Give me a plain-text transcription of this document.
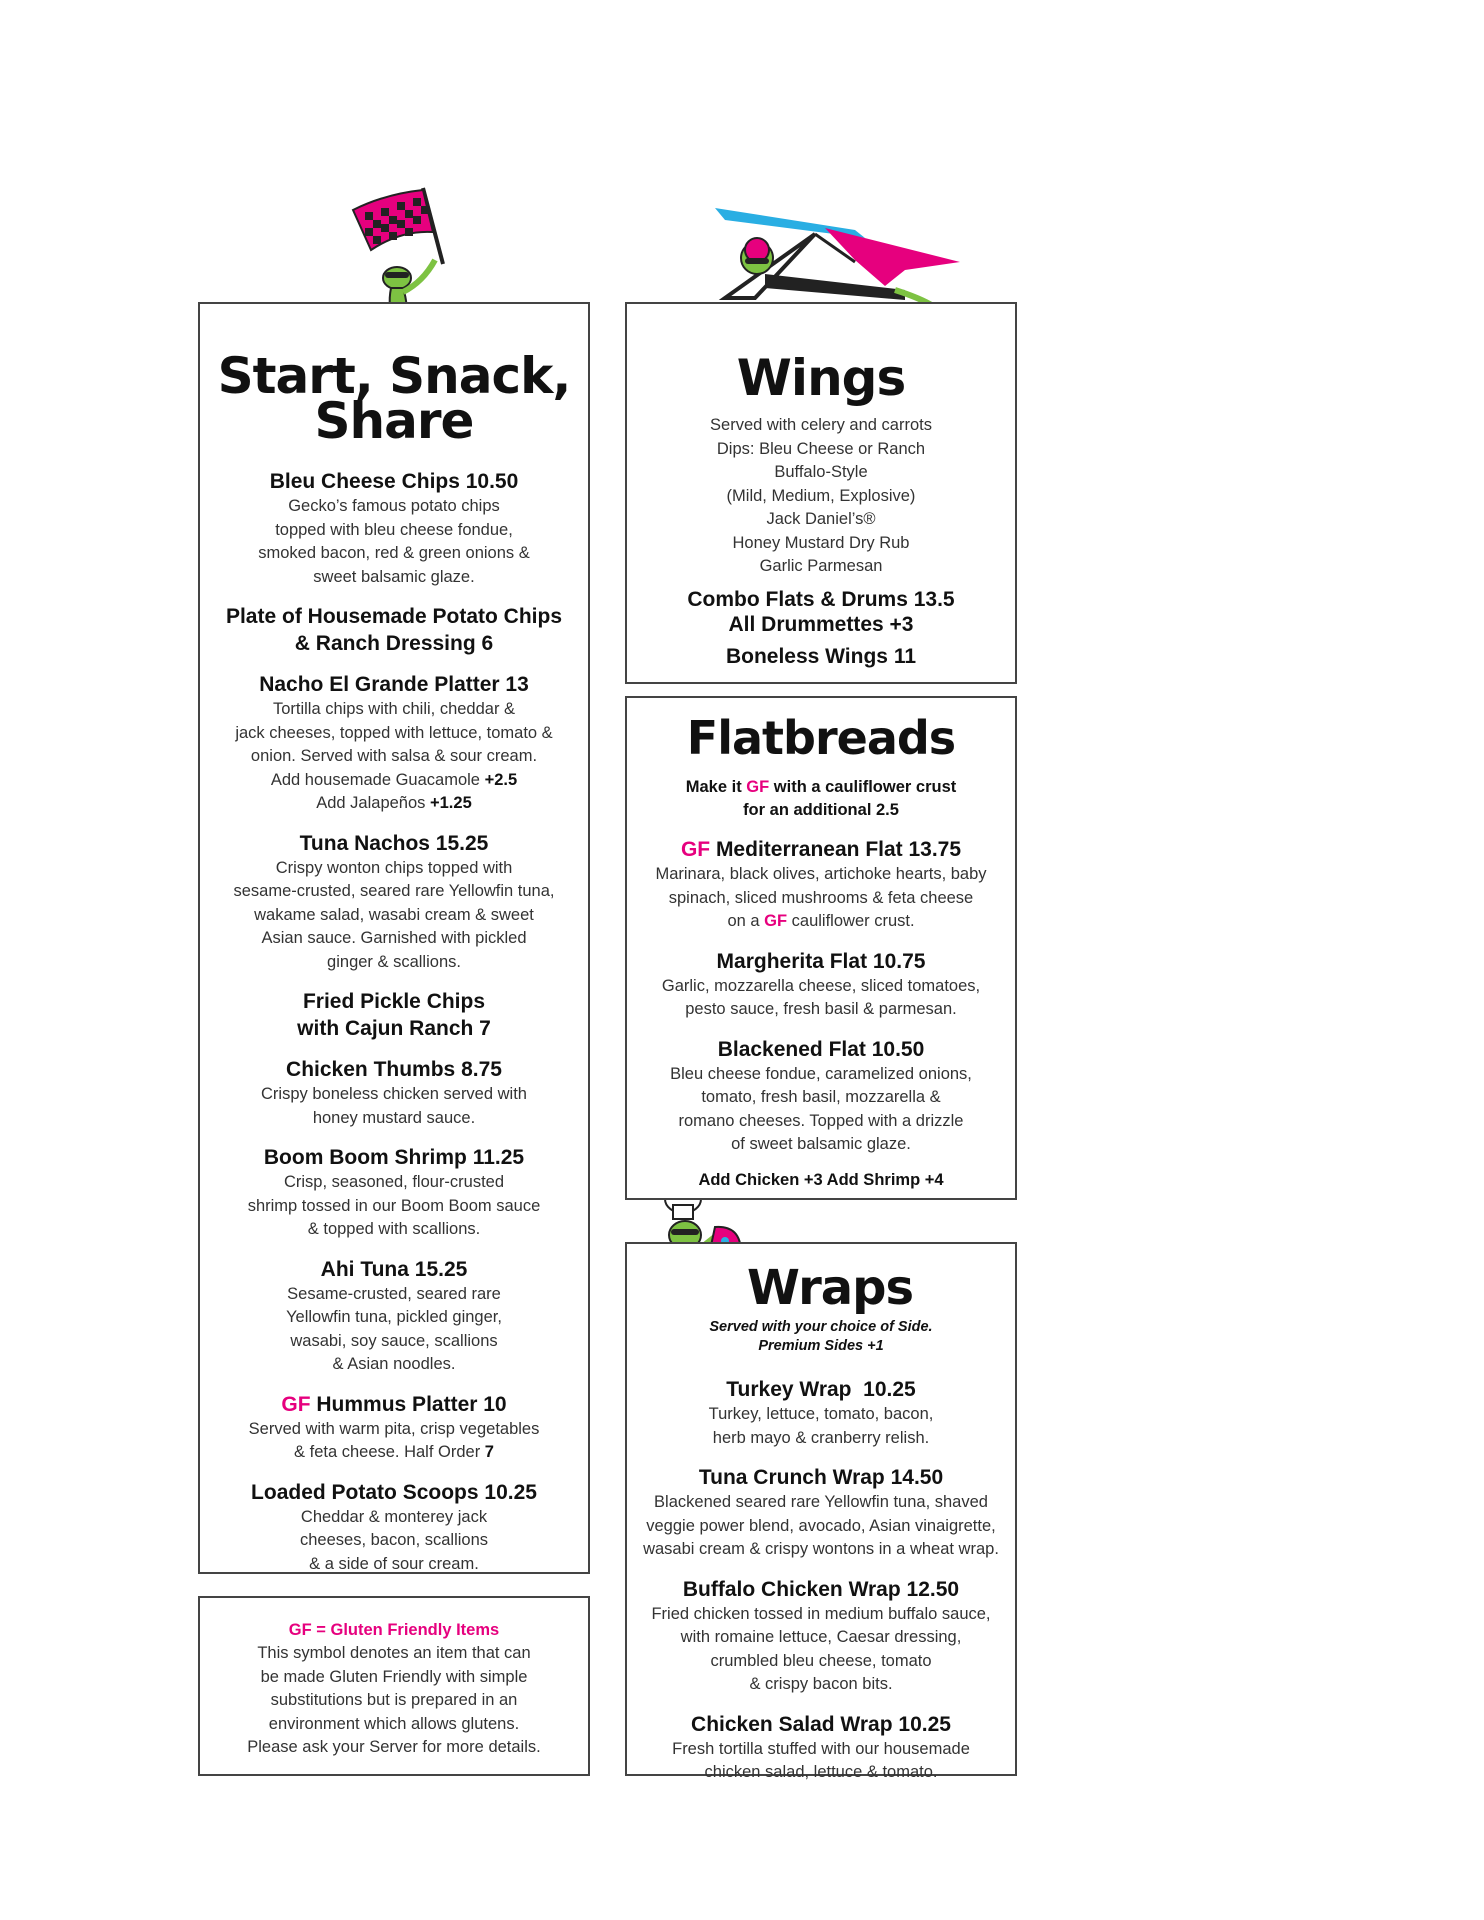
Start, Snack,
Share

Bleu Cheese Chips 10.50

Gecko’s famous potato chips
topped with bleu cheese fondue,
smoked bacon, red & green onions &
sweet balsamic glaze.

Plate of Housemade Potato Chips
& Ranch Dressing 6

Nacho El Grande Platter 13

Tortilla chips with chili, cheddar &
jack cheeses, topped with lettuce, tomato &
onion. Served with salsa & sour cream.
Add housemade Guacamole +2.5
Add Jalapeños +1.25

Tuna Nachos 15.25

Crispy wonton chips topped with
sesame-crusted, seared rare Yellowfin tuna,
wakame salad, wasabi cream & sweet
Asian sauce. Garnished with pickled
ginger & scallions.

Fried Pickle Chips
with Cajun Ranch 7

Chicken Thumbs 8.75

Crispy boneless chicken served with
honey mustard sauce.

Boom Boom Shrimp 11.25

Crisp, seasoned, flour-crusted
shrimp tossed in our Boom Boom sauce
& topped with scallions.

Ahi Tuna 15.25

Sesame-crusted, seared rare
Yellowfin tuna, pickled ginger,
wasabi, soy sauce, scallions
& Asian noodles.

GF Hummus Platter 10

Served with warm pita, crisp vegetables
& feta cheese. Half Order 7

Loaded Potato Scoops 10.25

Cheddar & monterey jack
cheeses, bacon, scallions
& a side of sour cream.

GF = Gluten Friendly Items

This symbol denotes an item that can
be made Gluten Friendly with simple
substitutions but is prepared in an
environment which allows glutens.
Please ask your Server for more details.

Wings

Served with celery and carrots
Dips: Bleu Cheese or Ranch
Buffalo-Style
(Mild, Medium, Explosive)
Jack Daniel’s®
Honey Mustard Dry Rub
Garlic Parmesan

Combo Flats & Drums 13.5
All Drummettes +3

Boneless Wings 11

Flatbreads

Make it GF with a cauliflower crust
for an additional 2.5

GF Mediterranean Flat 13.75

Marinara, black olives, artichoke hearts, baby
spinach, sliced mushrooms & feta cheese
on a GF cauliflower crust.

Margherita Flat 10.75

Garlic, mozzarella cheese, sliced tomatoes,
pesto sauce, fresh basil & parmesan.

Blackened Flat 10.50

Bleu cheese fondue, caramelized onions,
tomato, fresh basil, mozzarella &
romano cheeses. Topped with a drizzle
of sweet balsamic glaze.

Add Chicken +3 Add Shrimp +4

Wraps

Served with your choice of Side.
Premium Sides +1

Turkey Wrap  10.25

Turkey, lettuce, tomato, bacon,
herb mayo & cranberry relish.

Tuna Crunch Wrap 14.50

Blackened seared rare Yellowfin tuna, shaved
veggie power blend, avocado, Asian vinaigrette,
wasabi cream & crispy wontons in a wheat wrap.

Buffalo Chicken Wrap 12.50

Fried chicken tossed in medium buffalo sauce,
with romaine lettuce, Caesar dressing,
crumbled bleu cheese, tomato
& crispy bacon bits.

Chicken Salad Wrap 10.25

Fresh tortilla stuffed with our housemade
chicken salad, lettuce & tomato.
